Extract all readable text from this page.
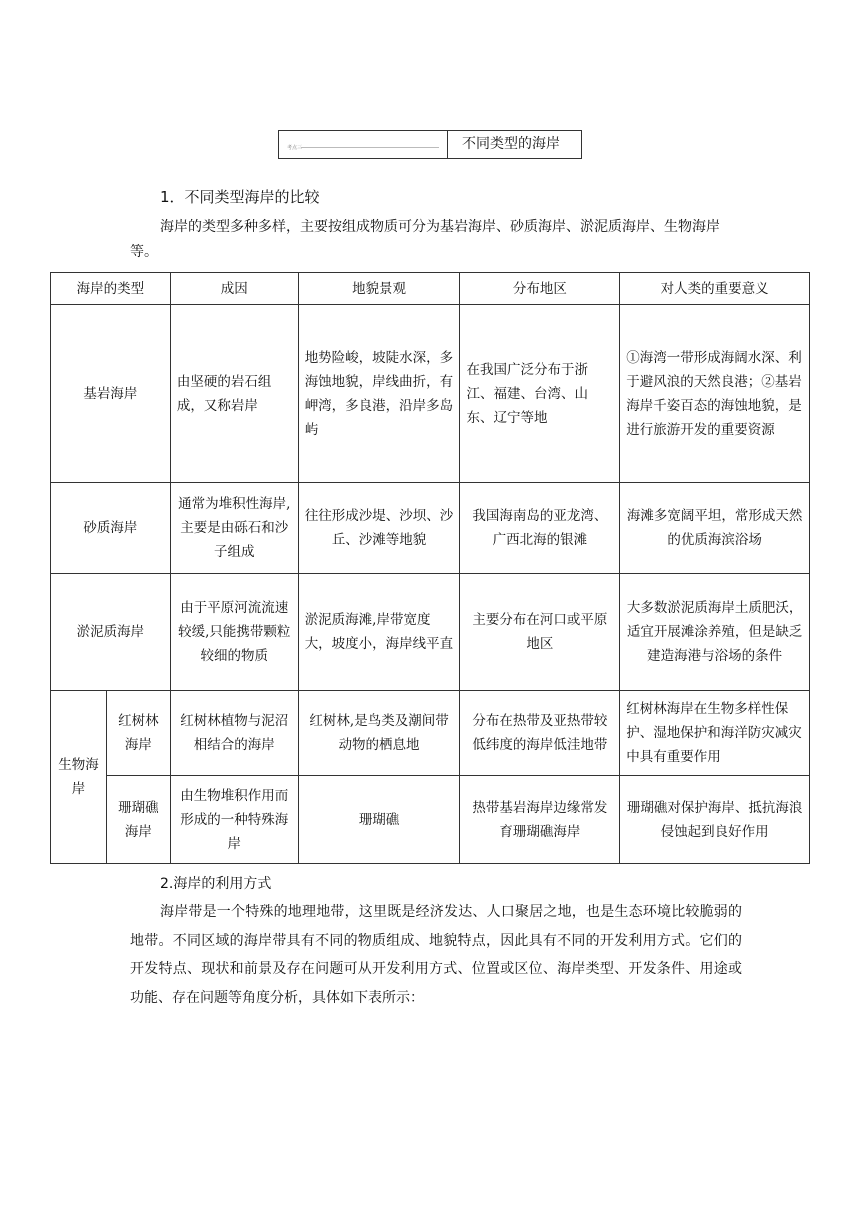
考点三	不同类型的海岸
1．不同类型海岸的比较
海岸的类型多种多样，主要按组成物质可分为基岩海岸、砂质海岸、淤泥质海岸、生物海岸等。
海岸的类型		成因	地貌景观	分布地区	对人类的重要意义
基岩海岸		由坚硬的岩石组成，又称岩岸	地势险峻，坡陡水深，多海蚀地貌，岸线曲折，有岬湾，多良港，沿岸多岛屿	在我国广泛分布于浙江、福建、台湾、山东、辽宁等地	①海湾一带形成海阔水深、利于避风浪的天然良港；②基岩海岸千姿百态的海蚀地貌，是进行旅游开发的重要资源
砂质海岸		通常为堆积性海岸,主要是由砾石和沙子组成	往往形成沙堤、沙坝、沙丘、沙滩等地貌	我国海南岛的亚龙湾、广西北海的银滩	海滩多宽阔平坦，常形成天然的优质海滨浴场
淤泥质海岸		由于平原河流流速较缓,只能携带颗粒较细的物质	淤泥质海滩,岸带宽度大，坡度小，海岸线平直	主要分布在河口或平原地区	大多数淤泥质海岸土质肥沃，适宜开展滩涂养殖，但是缺乏建造海港与浴场的条件
生物海岸	红树林海岸	红树林植物与泥沼相结合的海岸	红树林,是鸟类及潮间带动物的栖息地	分布在热带及亚热带较低纬度的海岸低洼地带	红树林海岸在生物多样性保护、湿地保护和海洋防灾减灾中具有重要作用
	珊瑚礁海岸	由生物堆积作用而形成的一种特殊海岸	珊瑚礁	热带基岩海岸边缘常发育珊瑚礁海岸	珊瑚礁对保护海岸、抵抗海浪侵蚀起到良好作用
2.海岸的利用方式
海岸带是一个特殊的地理地带，这里既是经济发达、人口聚居之地，也是生态环境比较脆弱的地带。不同区域的海岸带具有不同的物质组成、地貌特点，因此具有不同的开发利用方式。它们的开发特点、现状和前景及存在问题可从开发利用方式、位置或区位、海岸类型、开发条件、用途或功能、存在问题等角度分析，具体如下表所示：
